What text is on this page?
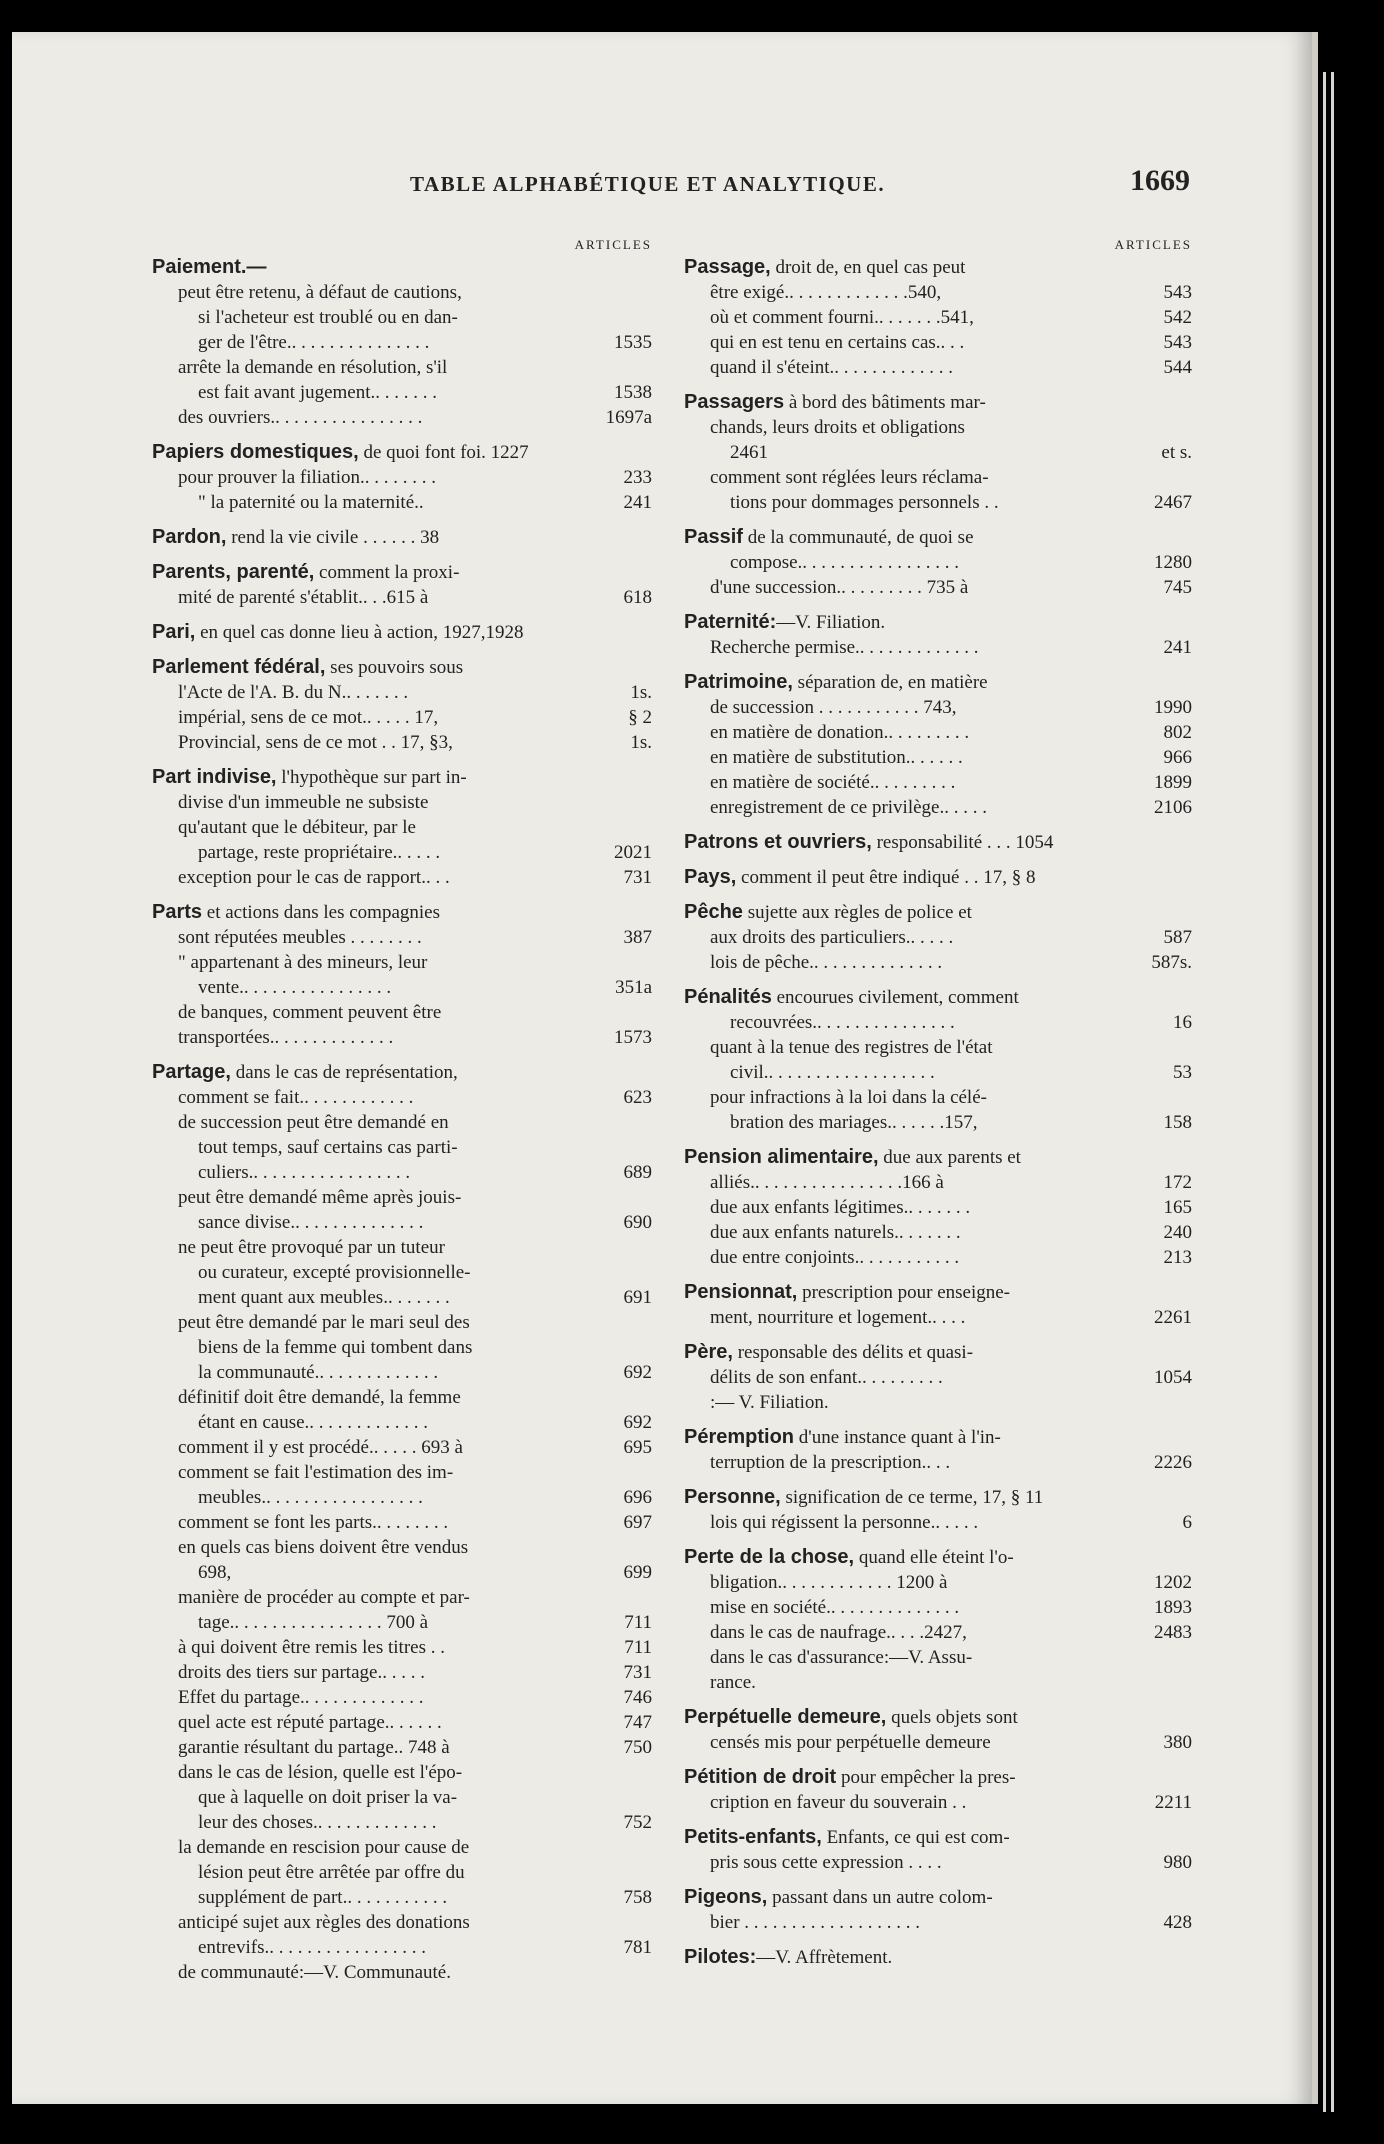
TABLE ALPHABÉTIQUE ET ANALYTIQUE.	1669
ARTICLES
Paiement.—
peut être retenu, à défaut de cautions,
si l'acheteur est troublé ou en dan-
1535
ger de l'être.. . . . . . . . . . . . . . .
arrête la demande en résolution, s'il
1538
est fait avant jugement.. . . . . . .
1697a
des ouvriers.. . . . . . . . . . . . . . . .
Papiers domestiques, de quoi font foi. 1227
233
pour prouver la filiation.. . . . . . . .
241
" la paternité ou la maternité..
Pardon, rend la vie civile . . . . . . 38
Parents, parenté, comment la proxi-
618
mité de parenté s'établit.. . .615 à
Pari, en quel cas donne lieu à action, 1927,1928
Parlement fédéral, ses pouvoirs sous
1s.
l'Acte de l'A. B. du N.. . . . . . .
§ 2
impérial, sens de ce mot.. . . . . 17,
1s.
Provincial, sens de ce mot . . 17, §3,
Part indivise, l'hypothèque sur part in-
divise d'un immeuble ne subsiste
qu'autant que le débiteur, par le
2021
partage, reste propriétaire.. . . . .
731
exception pour le cas de rapport.. . .
Parts et actions dans les compagnies
387
sont réputées meubles . . . . . . . .
" appartenant à des mineurs, leur
351a
vente.. . . . . . . . . . . . . . . .
de banques, comment peuvent être
1573
transportées.. . . . . . . . . . . . .
Partage, dans le cas de représentation,
623
comment se fait.. . . . . . . . . . . .
de succession peut être demandé en
tout temps, sauf certains cas parti-
689
culiers.. . . . . . . . . . . . . . . . .
peut être demandé même après jouis-
690
sance divise.. . . . . . . . . . . . . .
ne peut être provoqué par un tuteur
ou curateur, excepté provisionnelle-
691
ment quant aux meubles.. . . . . . .
peut être demandé par le mari seul des
biens de la femme qui tombent dans
692
la communauté.. . . . . . . . . . . . .
définitif doit être demandé, la femme
692
étant en cause.. . . . . . . . . . . . .
695
comment il y est procédé.. . . . . 693 à
comment se fait l'estimation des im-
696
meubles.. . . . . . . . . . . . . . . . .
697
comment se font les parts.. . . . . . . .
en quels cas biens doivent être vendus
699
698,
manière de procéder au compte et par-
711
tage.. . . . . . . . . . . . . . . . 700 à
711
à qui doivent être remis les titres . .
731
droits des tiers sur partage.. . . . .
746
Effet du partage.. . . . . . . . . . . . .
747
quel acte est réputé partage.. . . . . .
750
garantie résultant du partage.. 748 à
dans le cas de lésion, quelle est l'épo-
que à laquelle on doit priser la va-
752
leur des choses.. . . . . . . . . . . . .
la demande en rescision pour cause de
lésion peut être arrêtée par offre du
758
supplément de part.. . . . . . . . . . .
anticipé sujet aux règles des donations
781
entrevifs.. . . . . . . . . . . . . . . . .
de communauté:—V. Communauté.
ARTICLES
Passage, droit de, en quel cas peut
543
être exigé.. . . . . . . . . . . . .540,
542
où et comment fourni.. . . . . . .541,
543
qui en est tenu en certains cas.. . .
544
quand il s'éteint.. . . . . . . . . . . . .
Passagers à bord des bâtiments mar-
chands, leurs droits et obligations
et s.
2461
comment sont réglées leurs réclama-
2467
tions pour dommages personnels . .
Passif de la communauté, de quoi se
1280
compose.. . . . . . . . . . . . . . . . .
745
d'une succession.. . . . . . . . . 735 à
Paternité:—V. Filiation.
241
Recherche permise.. . . . . . . . . . . . .
Patrimoine, séparation de, en matière
1990
de succession . . . . . . . . . . . 743,
802
en matière de donation.. . . . . . . . .
966
en matière de substitution.. . . . . .
1899
en matière de société.. . . . . . . . .
2106
enregistrement de ce privilège.. . . . .
Patrons et ouvriers, responsabilité . . . 1054
Pays, comment il peut être indiqué . . 17, § 8
Pêche sujette aux règles de police et
587
aux droits des particuliers.. . . . .
587s.
lois de pêche.. . . . . . . . . . . . . .
Pénalités encourues civilement, comment
16
recouvrées.. . . . . . . . . . . . . . .
quant à la tenue des registres de l'état
53
civil.. . . . . . . . . . . . . . . . . .
pour infractions à la loi dans la célé-
158
bration des mariages.. . . . . .157,
Pension alimentaire, due aux parents et
172
alliés.. . . . . . . . . . . . . . . .166 à
165
due aux enfants légitimes.. . . . . . .
240
due aux enfants naturels.. . . . . . .
213
due entre conjoints.. . . . . . . . . . .
Pensionnat, prescription pour enseigne-
2261
ment, nourriture et logement.. . . .
Père, responsable des délits et quasi-
1054
délits de son enfant.. . . . . . . . .
:— V. Filiation.
Péremption d'une instance quant à l'in-
2226
terruption de la prescription.. . .
Personne, signification de ce terme, 17, § 11
6
lois qui régissent la personne.. . . . .
Perte de la chose, quand elle éteint l'o-
1202
bligation.. . . . . . . . . . . . 1200 à
1893
mise en société.. . . . . . . . . . . . . .
2483
dans le cas de naufrage.. . . .2427,
dans le cas d'assurance:—V. Assu-
rance.
Perpétuelle demeure, quels objets sont
380
censés mis pour perpétuelle demeure
Pétition de droit pour empêcher la pres-
2211
cription en faveur du souverain . .
Petits-enfants, Enfants, ce qui est com-
980
pris sous cette expression . . . .
Pigeons, passant dans un autre colom-
428
bier . . . . . . . . . . . . . . . . . . .
Pilotes:—V. Affrètement.
